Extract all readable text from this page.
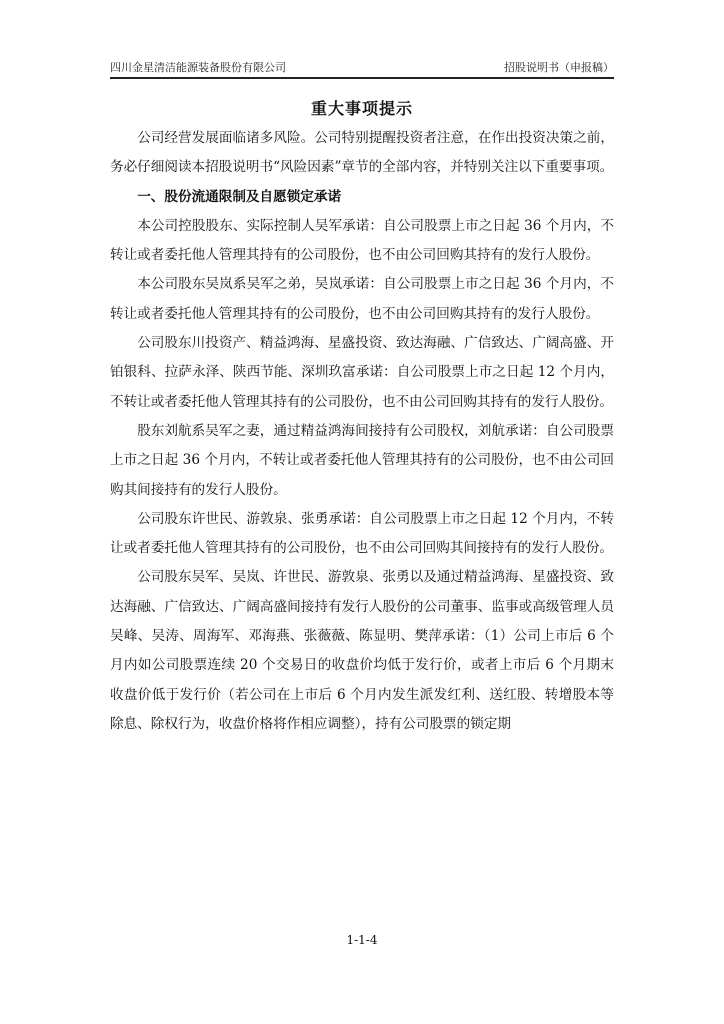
四川金星清洁能源装备股份有限公司	招股说明书（申报稿）
重大事项提示

公司经营发展面临诸多风险。公司特别提醒投资者注意，在作出投资决策之前，务必仔细阅读本招股说明书“风险因素”章节的全部内容，并特别关注以下重要事项。

一、股份流通限制及自愿锁定承诺

本公司控股股东、实际控制人吴军承诺：自公司股票上市之日起 36 个月内，不转让或者委托他人管理其持有的公司股份，也不由公司回购其持有的发行人股份。

本公司股东吴岚系吴军之弟，吴岚承诺：自公司股票上市之日起 36 个月内，不转让或者委托他人管理其持有的公司股份，也不由公司回购其持有的发行人股份。

公司股东川投资产、精益鸿海、星盛投资、致达海融、广信致达、广阔高盛、开铂银科、拉萨永泽、陕西节能、深圳玖富承诺：自公司股票上市之日起 12 个月内，不转让或者委托他人管理其持有的公司股份，也不由公司回购其持有的发行人股份。

股东刘航系吴军之妻，通过精益鸿海间接持有公司股权，刘航承诺：自公司股票上市之日起 36 个月内，不转让或者委托他人管理其持有的公司股份，也不由公司回购其间接持有的发行人股份。

公司股东许世民、游敦泉、张勇承诺：自公司股票上市之日起 12 个月内，不转让或者委托他人管理其持有的公司股份，也不由公司回购其间接持有的发行人股份。

公司股东吴军、吴岚、许世民、游敦泉、张勇以及通过精益鸿海、星盛投资、致达海融、广信致达、广阔高盛间接持有发行人股份的公司董事、监事或高级管理人员吴峰、吴涛、周海军、邓海燕、张薇薇、陈显明、樊萍承诺：（1）公司上市后 6 个月内如公司股票连续 20 个交易日的收盘价均低于发行价，或者上市后 6 个月期末收盘价低于发行价（若公司在上市后 6 个月内发生派发红利、送红股、转增股本等除息、除权行为，收盘价格将作相应调整），持有公司股票的锁定期

1-1-4
